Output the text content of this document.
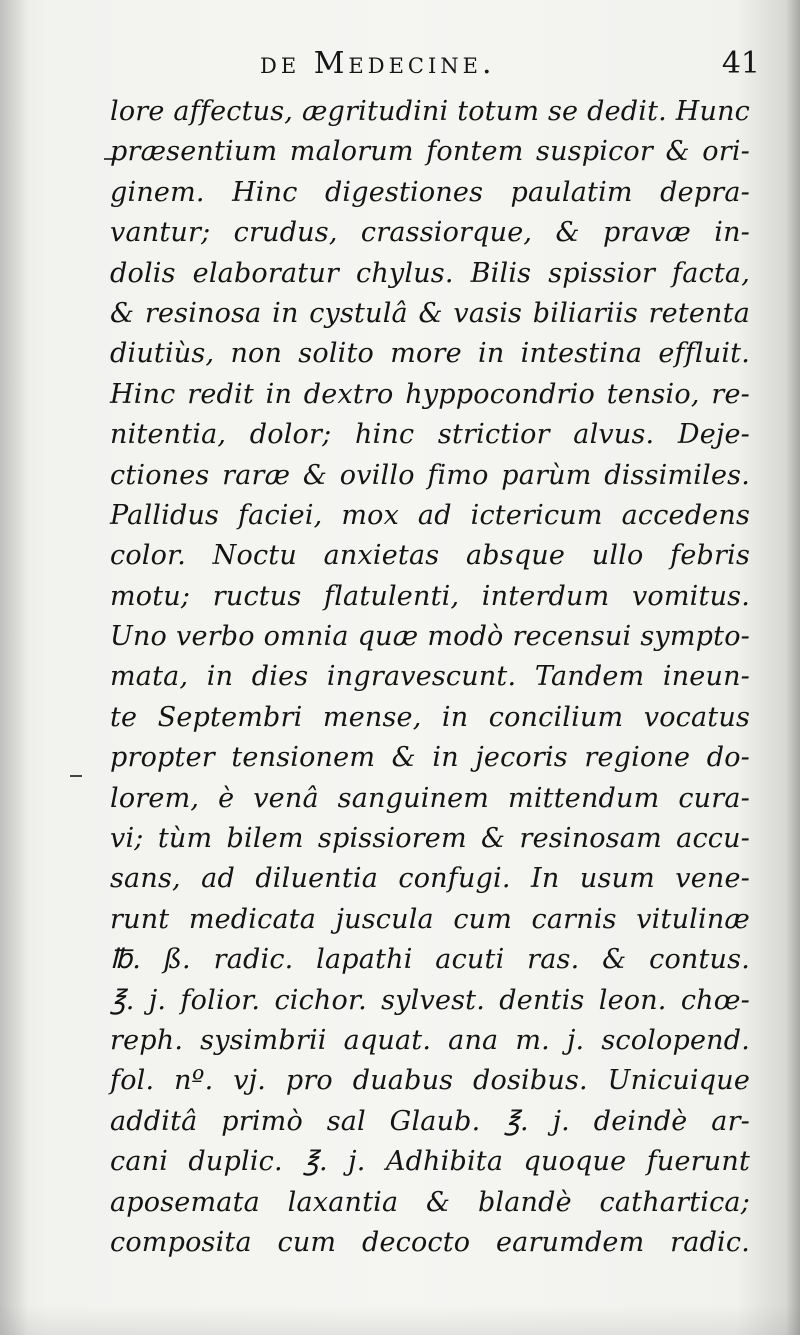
de Medecine.	41
lore affectus, ægritudini totum se dedit. Hunc
præsentium malorum fontem suspicor & ori-
ginem. Hinc digestiones paulatim depra-
vantur; crudus, crassiorque, & pravæ in-
dolis elaboratur chylus. Bilis spissior facta,
& resinosa in cystulâ & vasis biliariis retenta
diutiùs, non solito more in intestina effluit.
Hinc redit in dextro hyppocondrio tensio, re-
nitentia, dolor; hinc strictior alvus. Deje-
ctiones raræ & ovillo fimo parùm dissimiles.
Pallidus faciei, mox ad ictericum accedens
color. Noctu anxietas absque ullo febris
motu; ructus flatulenti, interdum vomitus.
Uno verbo omnia quæ modò recensui sympto-
mata, in dies ingravescunt. Tandem ineun-
te Septembri mense, in concilium vocatus
propter tensionem & in jecoris regione do-
lorem, è venâ sanguinem mittendum cura-
vi; tùm bilem spissiorem & resinosam accu-
sans, ad diluentia confugi. In usum vene-
runt medicata jusculа cum carnis vitulinæ
℔. ß. radic. lapathi acuti ras. & contus.
℥. j. folior. cichor. sylvest. dentis leon. chœ-
reph. sysimbrii aquat. ana m. j. scolopend.
fol. nº. vj. pro duabus dosibus. Unicuique
additâ primò sal Glaub. ℥. j. deindè ar-
cani duplic. ℥. j. Adhibita quoque fuerunt
aposemata laxantia & blandè cathartica;
composita cum decocto earumdem radic.
